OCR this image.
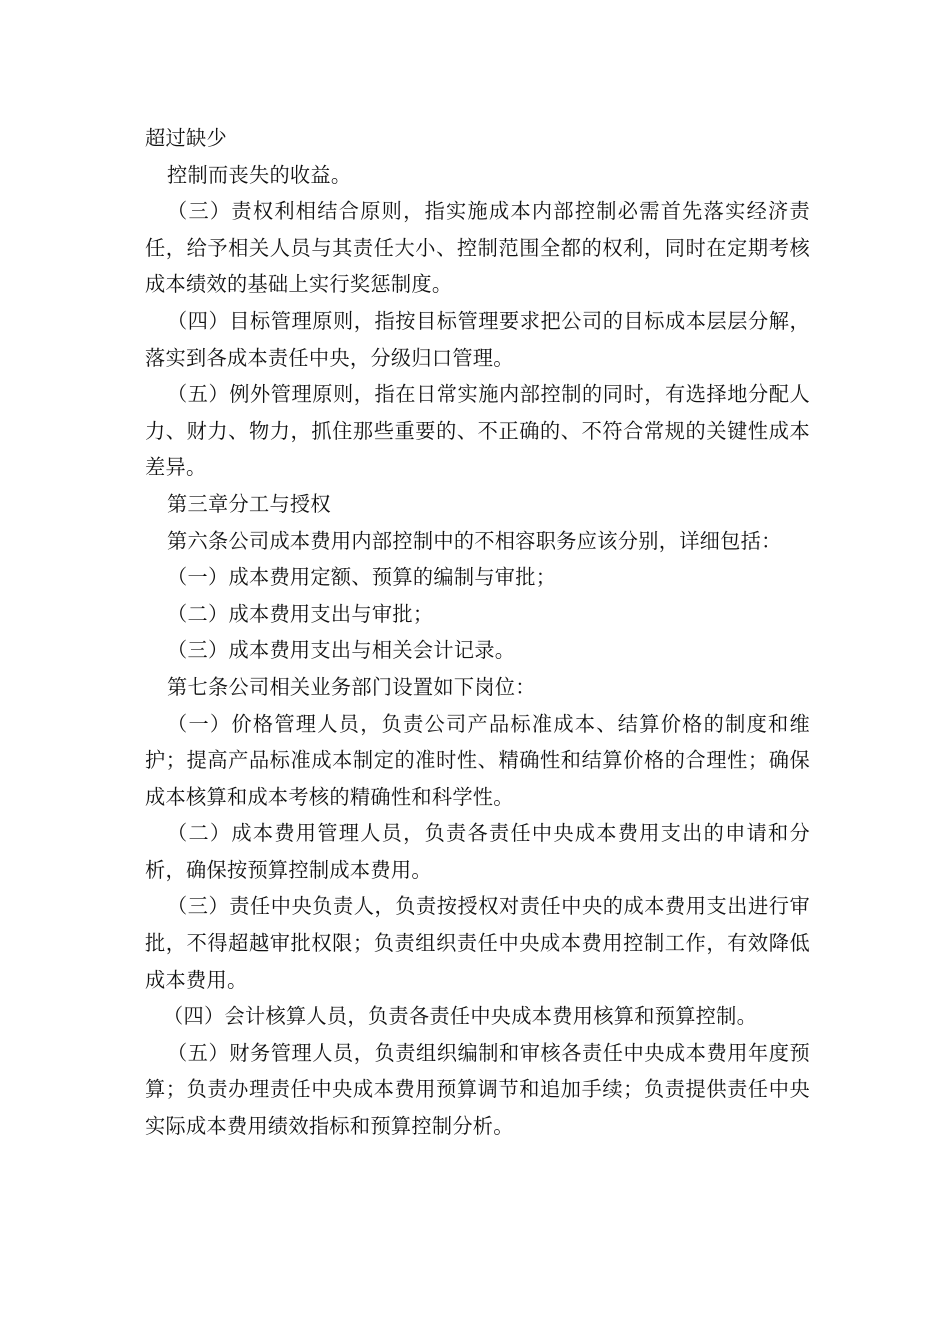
超过缺少

控制而丧失的收益。

（三）责权利相结合原则，指实施成本内部控制必需首先落实经济责任，给予相关人员与其责任大小、控制范围全都的权利，同时在定期考核成本绩效的基础上实行奖惩制度。

（四）目标管理原则，指按目标管理要求把公司的目标成本层层分解，落实到各成本责任中央，分级归口管理。

（五）例外管理原则，指在日常实施内部控制的同时，有选择地分配人力、财力、物力，抓住那些重要的、不正确的、不符合常规的关键性成本差异。

第三章分工与授权

第六条公司成本费用内部控制中的不相容职务应该分别，详细包括：

（一）成本费用定额、预算的编制与审批；

（二）成本费用支出与审批；

（三）成本费用支出与相关会计记录。

第七条公司相关业务部门设置如下岗位：

（一）价格管理人员，负责公司产品标准成本、结算价格的制度和维护；提高产品标准成本制定的准时性、精确性和结算价格的合理性；确保成本核算和成本考核的精确性和科学性。

（二）成本费用管理人员，负责各责任中央成本费用支出的申请和分析，确保按预算控制成本费用。

（三）责任中央负责人，负责按授权对责任中央的成本费用支出进行审批，不得超越审批权限；负责组织责任中央成本费用控制工作，有效降低成本费用。

（四）会计核算人员，负责各责任中央成本费用核算和预算控制。

（五）财务管理人员，负责组织编制和审核各责任中央成本费用年度预算；负责办理责任中央成本费用预算调节和追加手续；负责提供责任中央实际成本费用绩效指标和预算控制分析。
